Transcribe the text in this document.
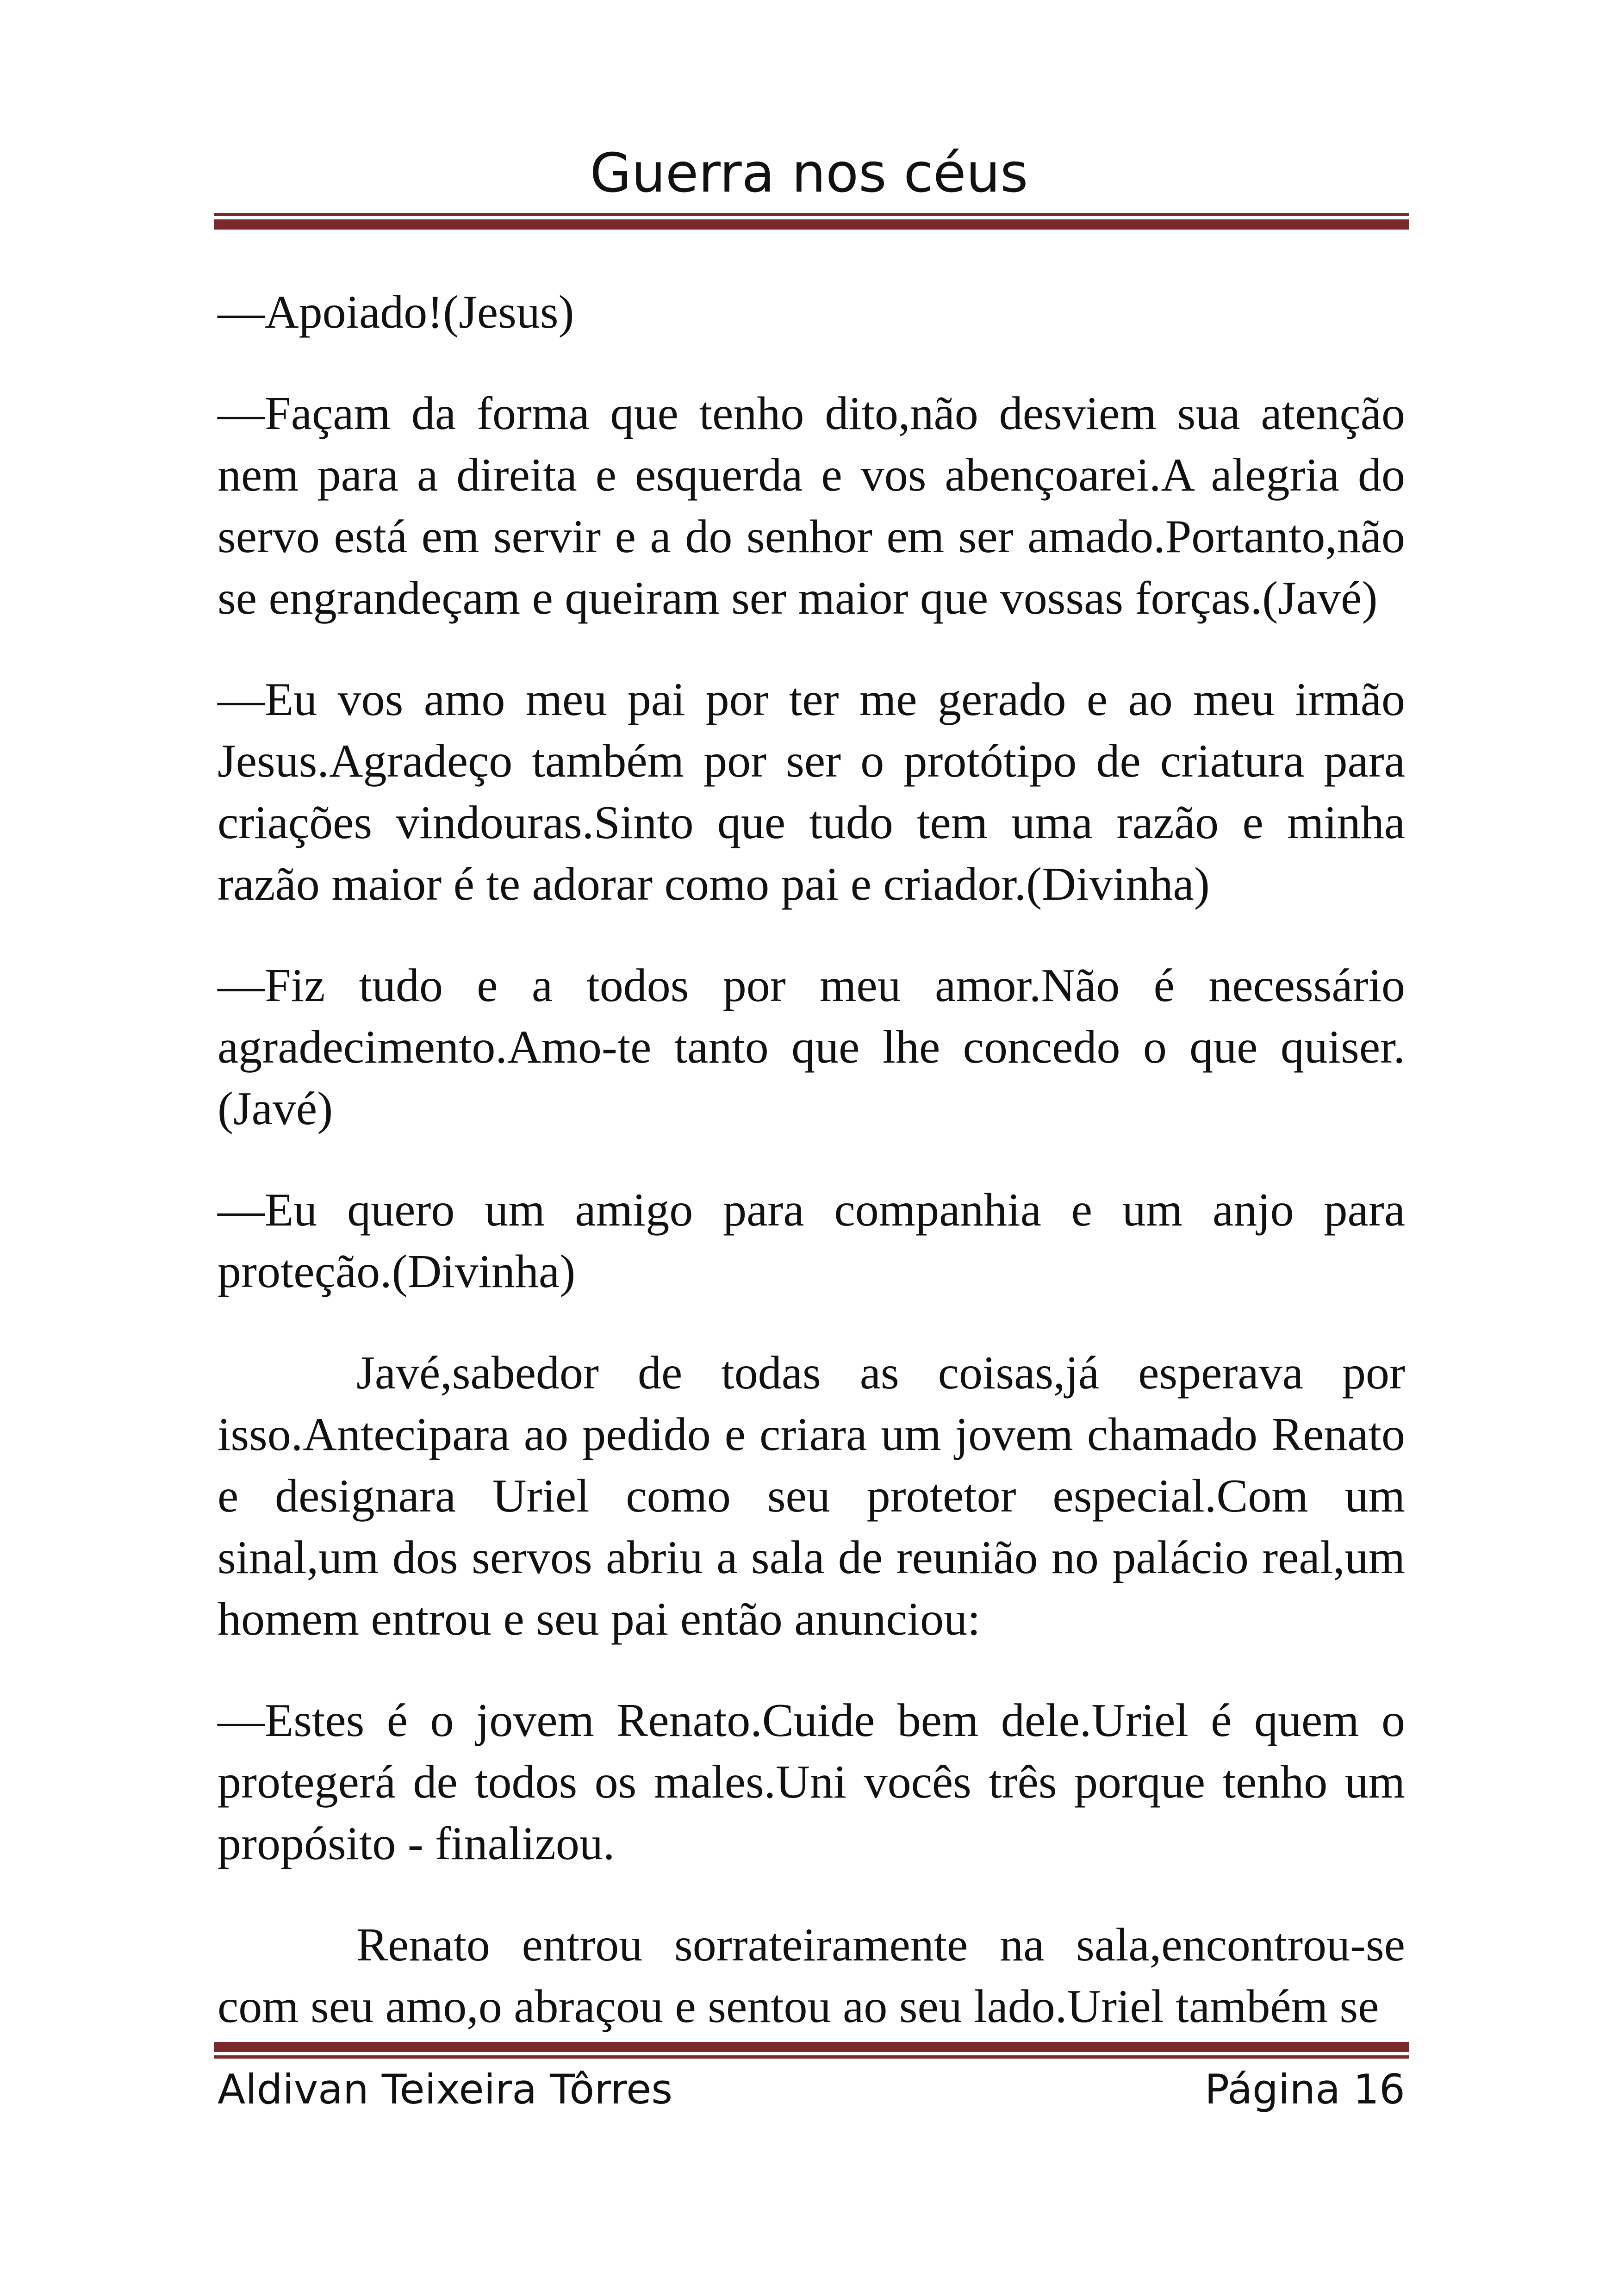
Guerra nos céus

—Apoiado!(Jesus)

—Façam da forma que tenho dito,não desviem sua atenção nem para a direita e esquerda e vos abençoarei.A alegria do servo está em servir e a do senhor em ser amado.Portanto,não se engrandeçam e queiram ser maior que vossas forças.(Javé)

—Eu vos amo meu pai por ter me gerado e ao meu irmão Jesus.Agradeço também por ser o protótipo de criatura para criações vindouras.Sinto que tudo tem uma razão e minha razão maior é te adorar como pai e criador.(Divinha)

—Fiz tudo e a todos por meu amor.Não é necessário agradecimento.Amo-te tanto que lhe concedo o que quiser.(Javé)

—Eu quero um amigo para companhia e um anjo para proteção.(Divinha)

Javé,sabedor de todas as coisas,já esperava por isso.Antecipara ao pedido e criara um jovem chamado Renato e designara Uriel como seu protetor especial.Com um sinal,um dos servos abriu a sala de reunião no palácio real,um homem entrou e seu pai então anunciou:

—Estes é o jovem Renato.Cuide bem dele.Uriel é quem o protegerá de todos os males.Uni vocês três porque tenho um propósito - finalizou.

Renato entrou sorrateiramente na sala,encontrou-se com seu amo,o abraçou e sentou ao seu lado.Uriel também se

Aldivan Teixeira Tôrres	Página 16
